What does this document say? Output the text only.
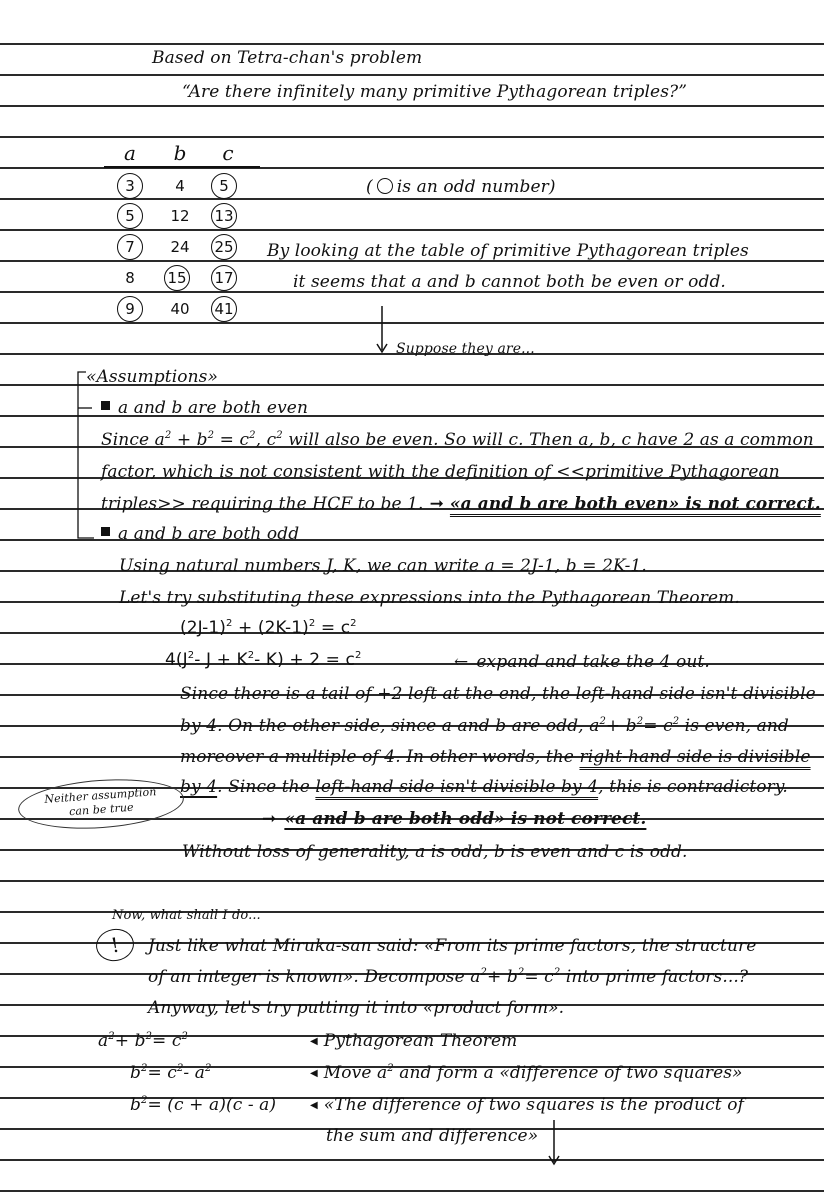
Based on Tetra-chan's problem
“Are there infinitely many primitive Pythagorean triples?”
a	b	c
3	4	5
5	12	13
7	24	25
8	15	17
9	40	41
( is an odd number)
By looking at the table of primitive Pythagorean triples
it seems that a and b cannot both be even or odd.
Suppose they are...
«Assumptions»
a and b are both even
Since $a^2 + b^2 = c^2$, $c^2$ will also be even. So will c. Then a, b, c have 2 as a common
factor, which is not consistent with the definition of <<primitive Pythagorean
triples>> requiring the HCF to be 1. ➞ «a and b are both even» is not correct.
a and b are both odd
Using natural numbers J, K, we can write a = 2J-1, b = 2K-1.
Let's try substituting these expressions into the Pythagorean Theorem.
$(2J-1)^2 + (2K-1)^2 = c^2$
$4(J^2-$ $J + K^2-$ $K) + 2 = c^2$	← expand and take the 4 out.
Since there is a tail of +2 left at the end, the left-hand side isn't divisible
by 4. On the other side, since a and b are odd, $a^2+ b^2= c^2$ is even, and
moreover a multiple of 4. In other words, the right-hand side is divisible
by 4. Since the left-hand side isn't divisible by 4, this is contradictory.
Neither assumption
can be true	➞ «a and b are both odd» is not correct.
Without loss of generality, a is odd, b is even and c is odd.
Now, what shall I do...
!	Just like what Miruka-san said: «From its prime factors, the structure
of an integer is known». Decompose $a^2+ b^2= c^2$ into prime factors...?
Anyway, let's try putting it into «product form».
$a^2+ b^2= c^2$	◀ Pythagorean Theorem
$b^2= c^2-$ $a^2$	◀ Move $a^2$ and form a «difference of two squares»
$b^2= (c + a)(c - a)$	◀ «The difference of two squares is the product of
the sum and difference»
